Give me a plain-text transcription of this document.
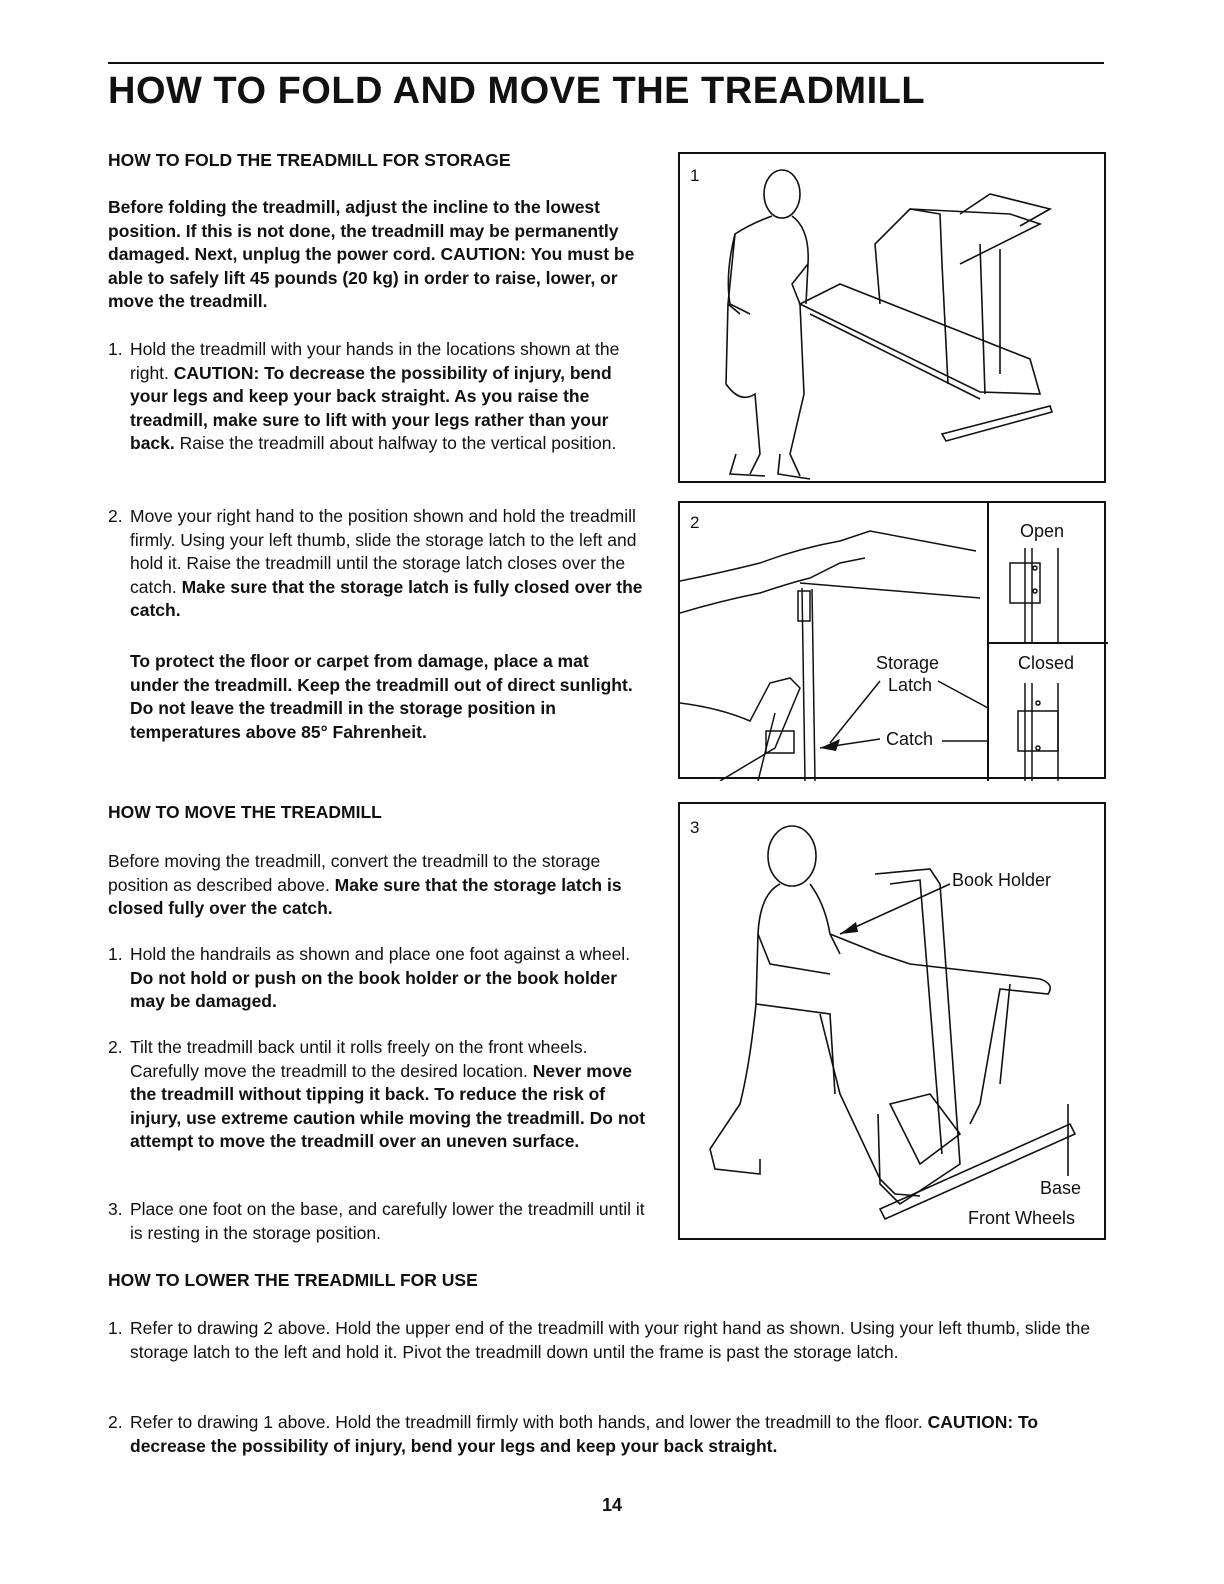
HOW TO FOLD AND MOVE THE TREADMILL
HOW TO FOLD THE TREADMILL FOR STORAGE
Before folding the treadmill, adjust the incline to the lowest position. If this is not done, the treadmill may be permanently damaged. Next, unplug the power cord. CAUTION: You must be able to safely lift 45 pounds (20 kg) in order to raise, lower, or move the treadmill.
1. Hold the treadmill with your hands in the locations shown at the right. CAUTION: To decrease the possibility of injury, bend your legs and keep your back straight. As you raise the treadmill, make sure to lift with your legs rather than your back. Raise the treadmill about halfway to the vertical position.
2. Move your right hand to the position shown and hold the treadmill firmly. Using your left thumb, slide the storage latch to the left and hold it. Raise the treadmill until the storage latch closes over the catch. Make sure that the storage latch is fully closed over the catch.
To protect the floor or carpet from damage, place a mat under the treadmill. Keep the treadmill out of direct sunlight. Do not leave the treadmill in the storage position in temperatures above 85° Fahrenheit.
HOW TO MOVE THE TREADMILL
Before moving the treadmill, convert the treadmill to the storage position as described above. Make sure that the storage latch is closed fully over the catch.
1. Hold the handrails as shown and place one foot against a wheel. Do not hold or push on the book holder or the book holder may be damaged.
2. Tilt the treadmill back until it rolls freely on the front wheels. Carefully move the treadmill to the desired location. Never move the treadmill without tipping it back. To reduce the risk of injury, use extreme caution while moving the treadmill. Do not attempt to move the treadmill over an uneven surface.
3. Place one foot on the base, and carefully lower the treadmill until it is resting in the storage position.
HOW TO LOWER THE TREADMILL FOR USE
1. Refer to drawing 2 above. Hold the upper end of the treadmill with your right hand as shown. Using your left thumb, slide the storage latch to the left and hold it. Pivot the treadmill down until the frame is past the storage latch.
2. Refer to drawing 1 above. Hold the treadmill firmly with both hands, and lower the treadmill to the floor. CAUTION: To decrease the possibility of injury, bend your legs and keep your back straight.
1
2	Open
Closed
Storage
Latch
Catch
3
Book Holder
Base
Front Wheels
14
